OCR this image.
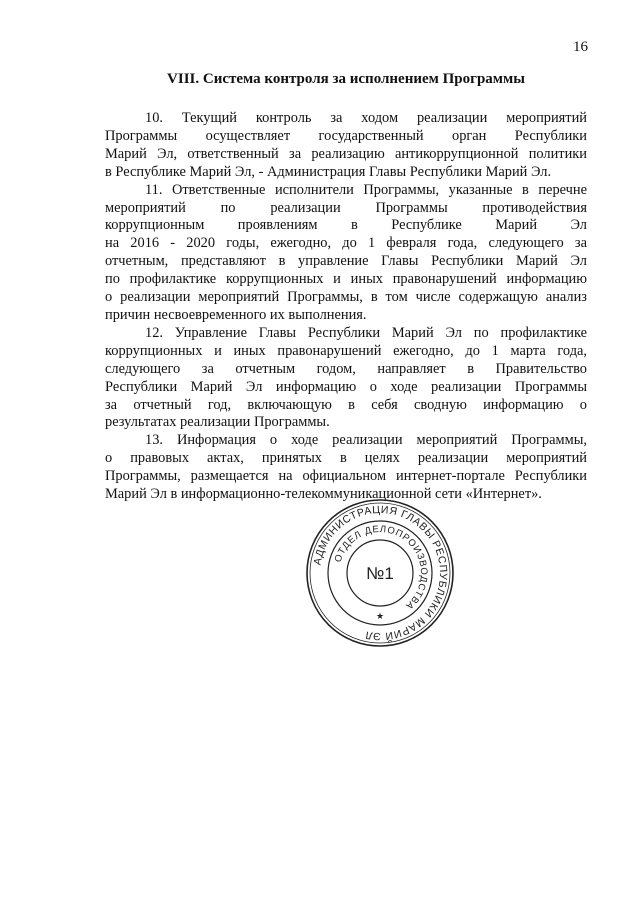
16
VIII. Система контроля за исполнением Программы
10. Текущий контроль за ходом реализации мероприятий
Программы осуществляет государственный орган Республики
Марий Эл, ответственный за реализацию антикоррупционной политики
в Республике Марий Эл, - Администрация Главы Республики Марий Эл.
11. Ответственные исполнители Программы, указанные в перечне
мероприятий по реализации Программы противодействия
коррупционным проявлениям в Республике Марий Эл
на 2016 - 2020 годы, ежегодно, до 1 февраля года, следующего за
отчетным, представляют в управление Главы Республики Марий Эл
по профилактике коррупционных и иных правонарушений информацию
о реализации мероприятий Программы, в том числе содержащую анализ
причин несвоевременного их выполнения.
12. Управление Главы Республики Марий Эл по профилактике
коррупционных и иных правонарушений ежегодно, до 1 марта года,
следующего за отчетным годом, направляет в Правительство
Республики Марий Эл информацию о ходе реализации Программы
за отчетный год, включающую в себя сводную информацию о
результатах реализации Программы.
13. Информация о ходе реализации мероприятий Программы,
о правовых актах, принятых в целях реализации мероприятий
Программы, размещается на официальном интернет-портале Республики
Марий Эл в информационно-телекоммуникационной сети «Интернет».
АДМИНИСТРАЦИЯ ГЛАВЫ РЕСПУБЛИКИ МАРИЙ ЭЛ
ОТДЕЛ ДЕЛОПРОИЗВОДСТВА
№1
★
